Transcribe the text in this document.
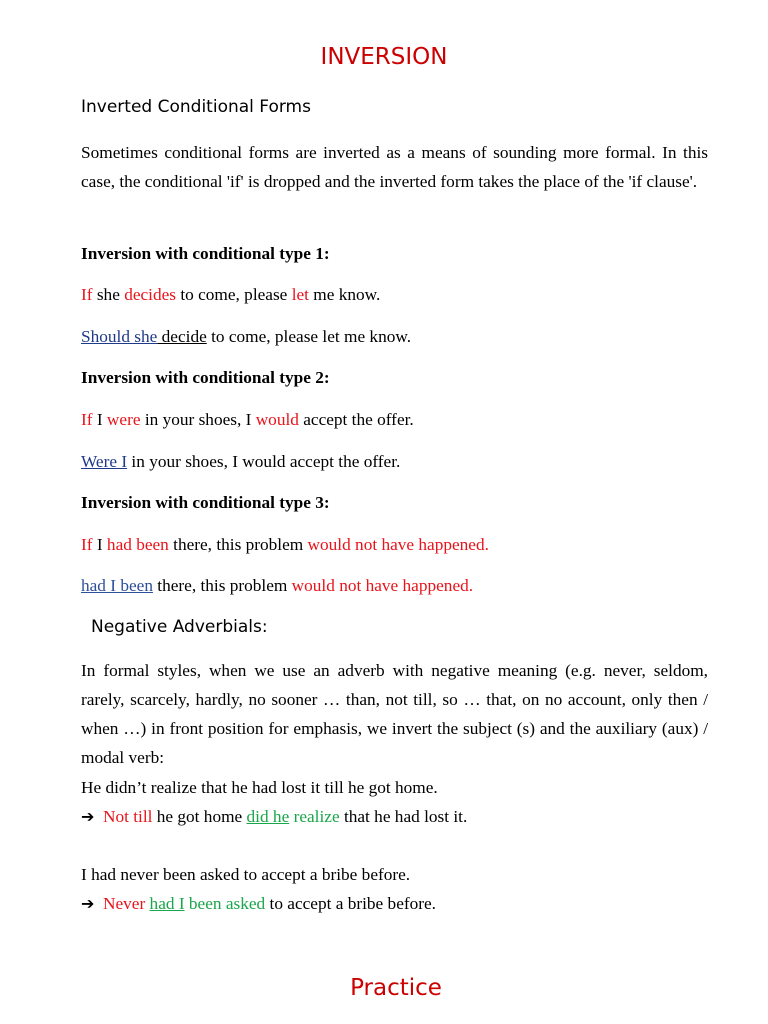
INVERSION
Inverted Conditional Forms
Sometimes conditional forms are inverted as a means of sounding more formal. In this case, the conditional 'if' is dropped and the inverted form takes the place of the 'if clause'.
Inversion with conditional type 1:
If she decides to come, please let me know.
Should she decide to come, please let me know.
Inversion with conditional type 2:
If I were in your shoes, I would accept the offer.
Were I in your shoes, I would accept the offer.
Inversion with conditional type 3:
If I had been there, this problem would not have happened.
had I been there, this problem would not have happened.
Negative Adverbials:
In formal styles, when we use an adverb with negative meaning (e.g. never, seldom, rarely, scarcely, hardly, no sooner … than, not till, so … that, on no account, only then / when …) in front position for emphasis, we invert the subject (s) and the auxiliary (aux) / modal verb:
He didn’t realize that he had lost it till he got home.
➔ Not till he got home did he realize that he had lost it.
I had never been asked to accept a bribe before.
➔ Never had I been asked to accept a bribe before.
Practice
